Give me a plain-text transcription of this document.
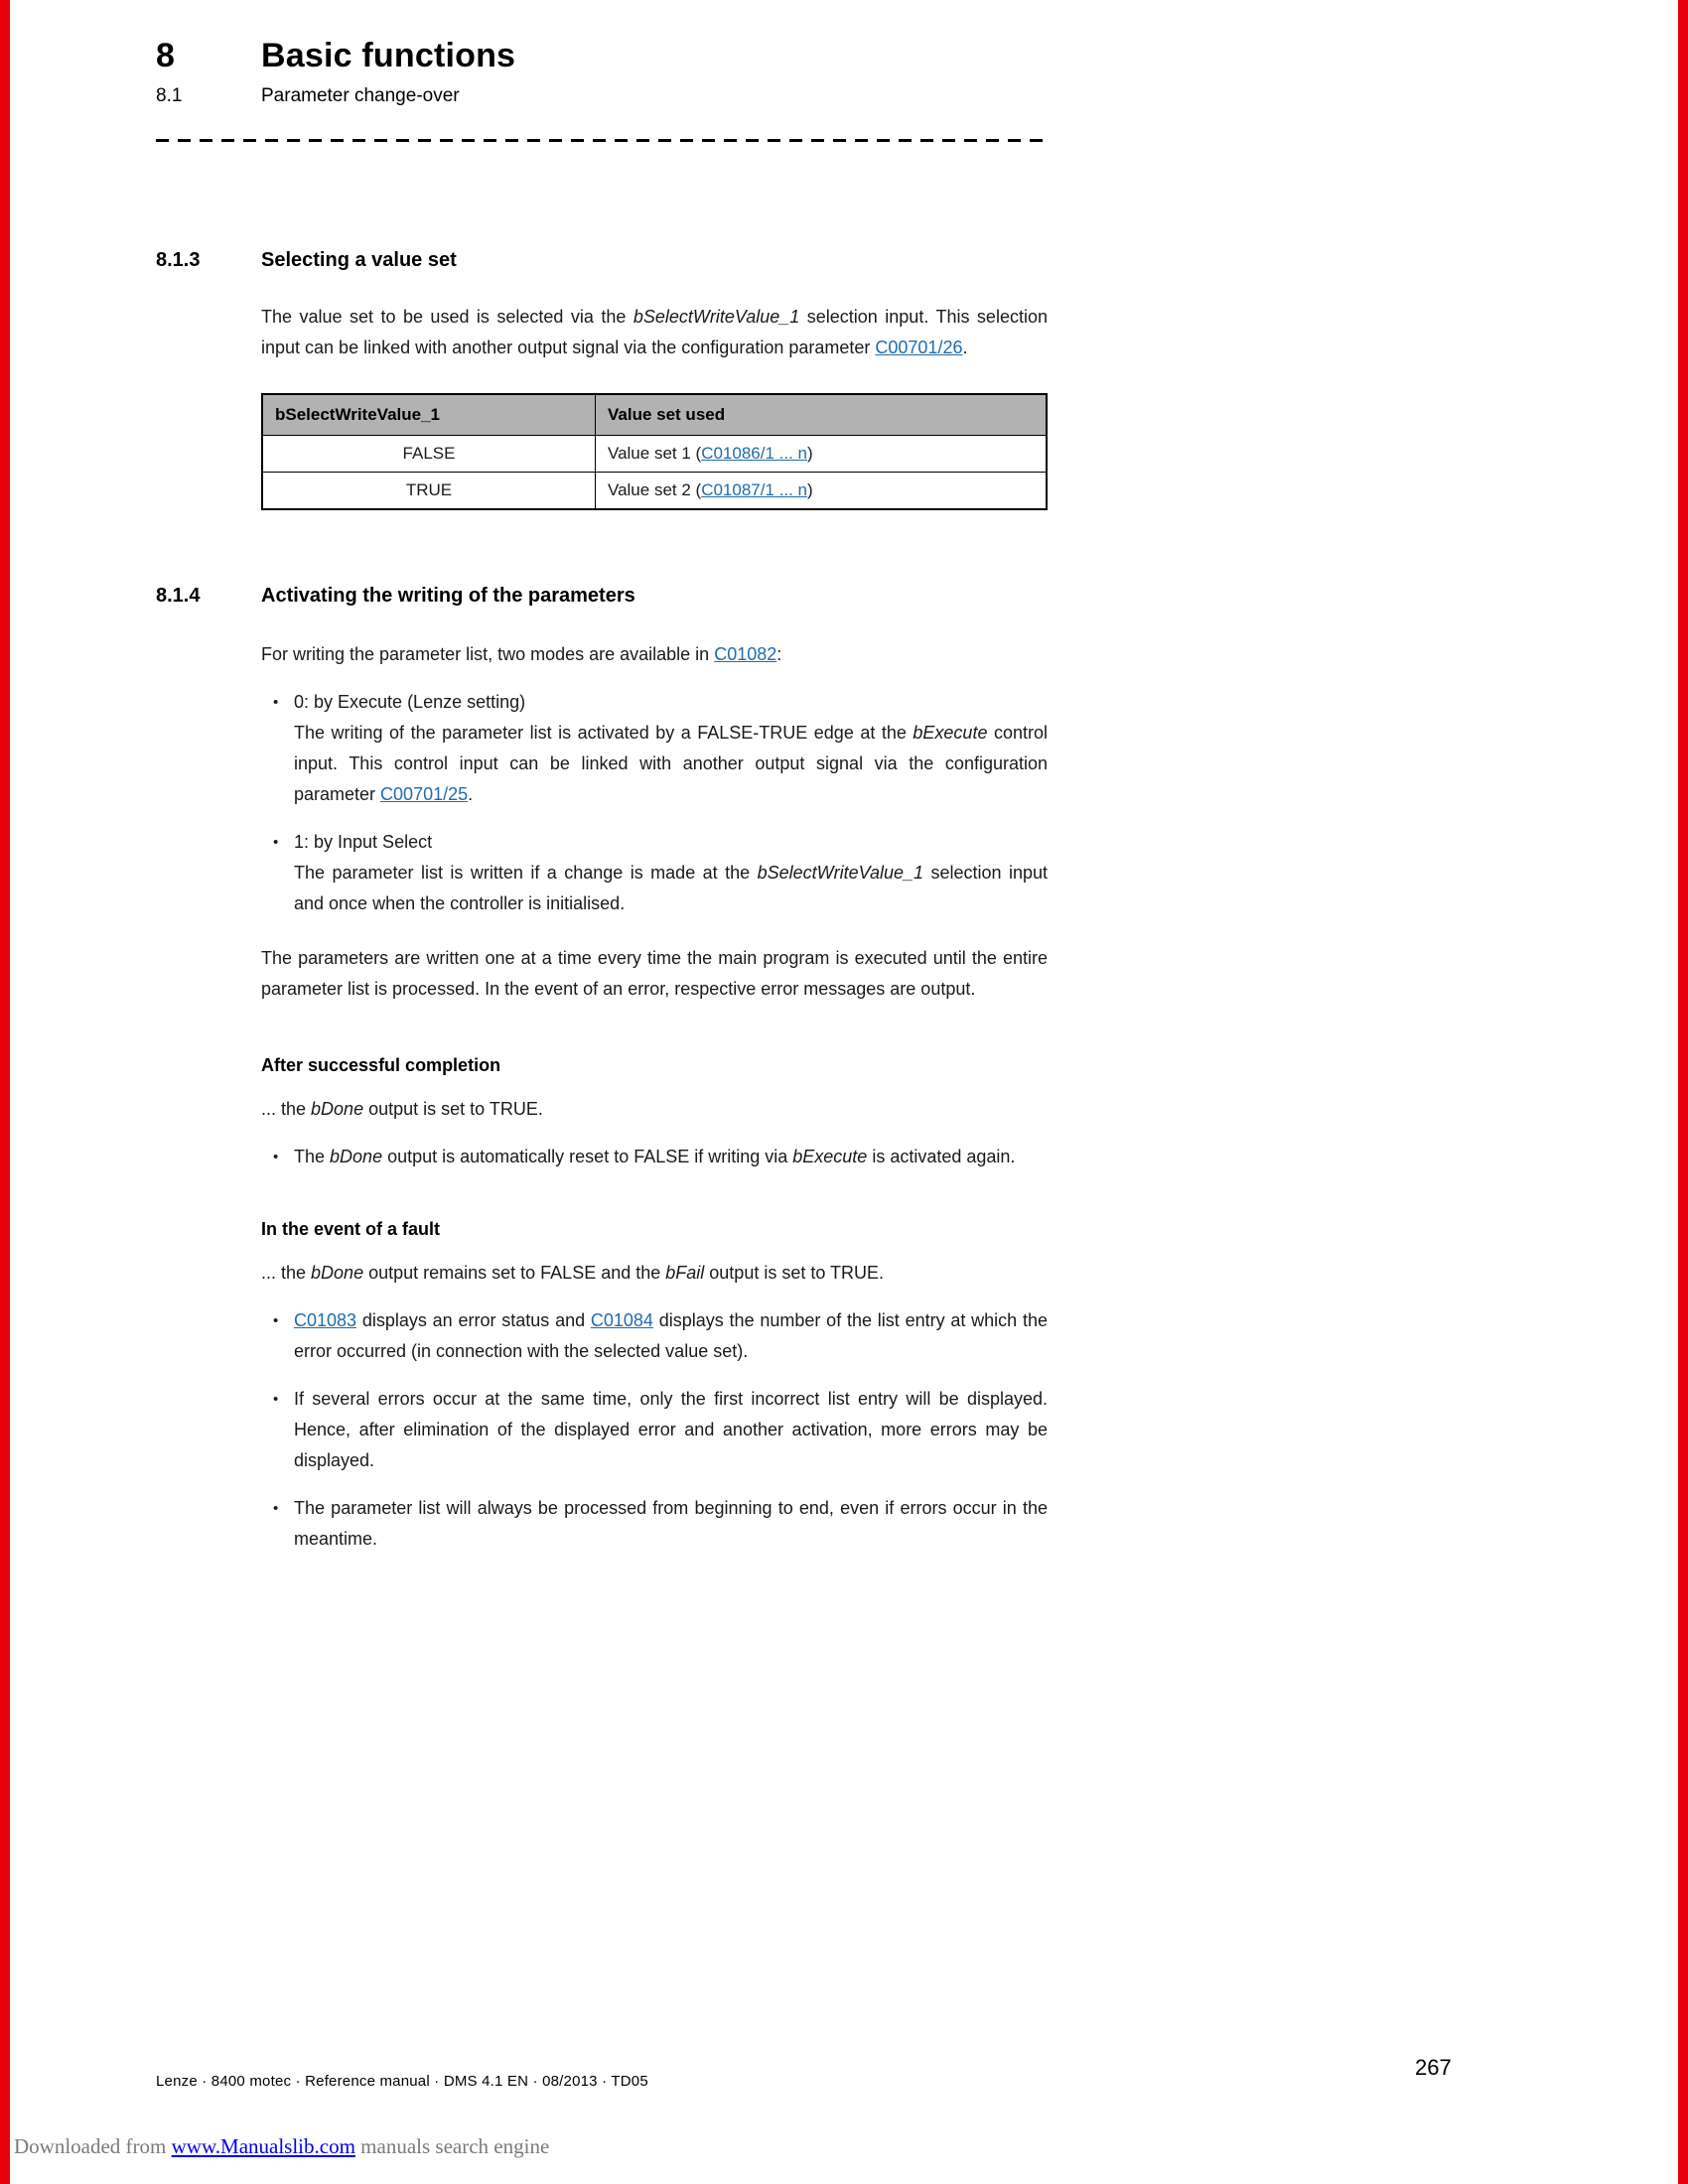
8	Basic functions
8.1	Parameter change-over
8.1.3	Selecting a value set

The value set to be used is selected via the bSelectWriteValue_1 selection input. This selection input can be linked with another output signal via the configuration parameter C00701/26.

bSelectWriteValue_1	Value set used
FALSE	Value set 1 (C01086/1 ... n)
TRUE	Value set 2 (C01087/1 ... n)
8.1.4	Activating the writing of the parameters

For writing the parameter list, two modes are available in C01082:

• 0: by Execute (Lenze setting)
The writing of the parameter list is activated by a FALSE-TRUE edge at the bExecute control input. This control input can be linked with another output signal via the configuration parameter C00701/25.
• 1: by Input Select
The parameter list is written if a change is made at the bSelectWriteValue_1 selection input and once when the controller is initialised.

The parameters are written one at a time every time the main program is executed until the entire parameter list is processed. In the event of an error, respective error messages are output.

After successful completion

... the bDone output is set to TRUE.

• The bDone output is automatically reset to FALSE if writing via bExecute is activated again.
In the event of a fault

... the bDone output remains set to FALSE and the bFail output is set to TRUE.

• C01083 displays an error status and C01084 displays the number of the list entry at which the error occurred (in connection with the selected value set).
• If several errors occur at the same time, only the first incorrect list entry will be displayed. Hence, after elimination of the displayed error and another activation, more errors may be displayed.
• The parameter list will always be processed from beginning to end, even if errors occur in the meantime.
Lenze · 8400 motec · Reference manual · DMS 4.1 EN · 08/2013 · TD05
267
Downloaded from www.Manualslib.com manuals search engine
